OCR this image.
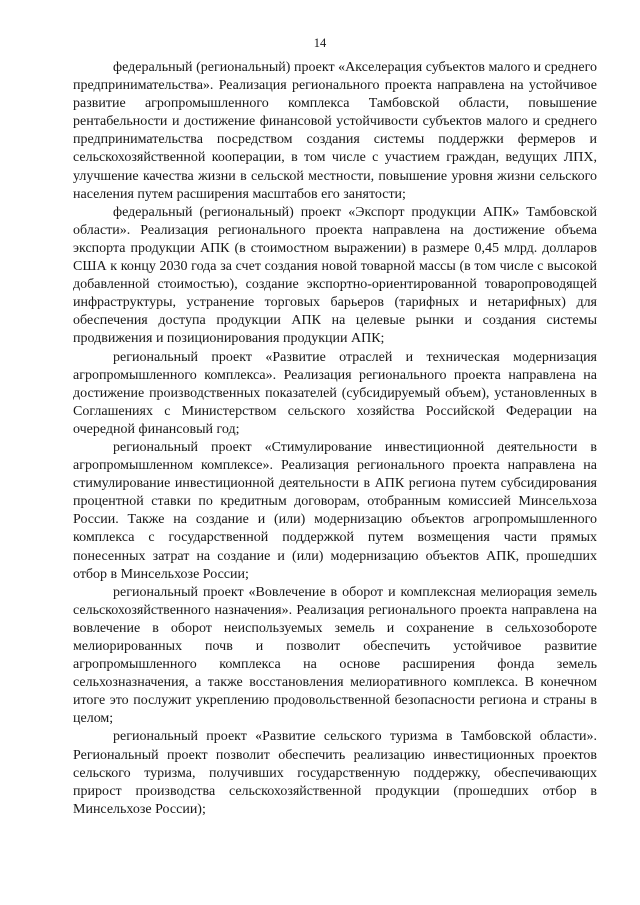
14

федеральный (региональный) проект «Акселерация субъектов малого и среднего предпринимательства». Реализация регионального проекта направлена на устойчивое развитие агропромышленного комплекса Тамбовской области, повышение рентабельности и достижение финансовой устойчивости субъектов малого и среднего предпринимательства посредством создания системы поддержки фермеров и сельскохозяйственной кооперации, в том числе с участием граждан, ведущих ЛПХ, улучшение качества жизни в сельской местности, повышение уровня жизни сельского населения путем расширения масштабов его занятости;

федеральный (региональный) проект «Экспорт продукции АПК» Тамбовской области». Реализация регионального проекта направлена на достижение объема экспорта продукции АПК (в стоимостном выражении) в размере 0,45 млрд. долларов США к концу 2030 года за счет создания новой товарной массы (в том числе с высокой добавленной стоимостью), создание экспортно-ориентированной товаропроводящей инфраструктуры, устранение торговых барьеров (тарифных и нетарифных) для обеспечения доступа продукции АПК на целевые рынки и создания системы продвижения и позиционирования продукции АПК;

региональный проект «Развитие отраслей и техническая модернизация агропромышленного комплекса». Реализация регионального проекта направлена на достижение производственных показателей (субсидируемый объем), установленных в Соглашениях с Министерством сельского хозяйства Российской Федерации на очередной финансовый год;

региональный проект «Стимулирование инвестиционной деятельности в агропромышленном комплексе». Реализация регионального проекта направлена на стимулирование инвестиционной деятельности в АПК региона путем субсидирования процентной ставки по кредитным договорам, отобранным комиссией Минсельхоза России. Также на создание и (или) модернизацию объектов агропромышленного комплекса с государственной поддержкой путем возмещения части прямых понесенных затрат на создание и (или) модернизацию объектов АПК, прошедших отбор в Минсельхозе России;

региональный проект «Вовлечение в оборот и комплексная мелиорация земель сельскохозяйственного назначения». Реализация регионального проекта направлена на вовлечение в оборот неиспользуемых земель и сохранение в сельхозобороте мелиорированных почв и позволит обеспечить устойчивое развитие агропромышленного комплекса на основе расширения фонда земель сельхозназначения, а также восстановления мелиоративного комплекса. В конечном итоге это послужит укреплению продовольственной безопасности региона и страны в целом;

региональный проект «Развитие сельского туризма в Тамбовской области». Региональный проект позволит обеспечить реализацию инвестиционных проектов сельского туризма, получивших государственную поддержку, обеспечивающих прирост производства сельскохозяйственной продукции (прошедших отбор в Минсельхозе России);
